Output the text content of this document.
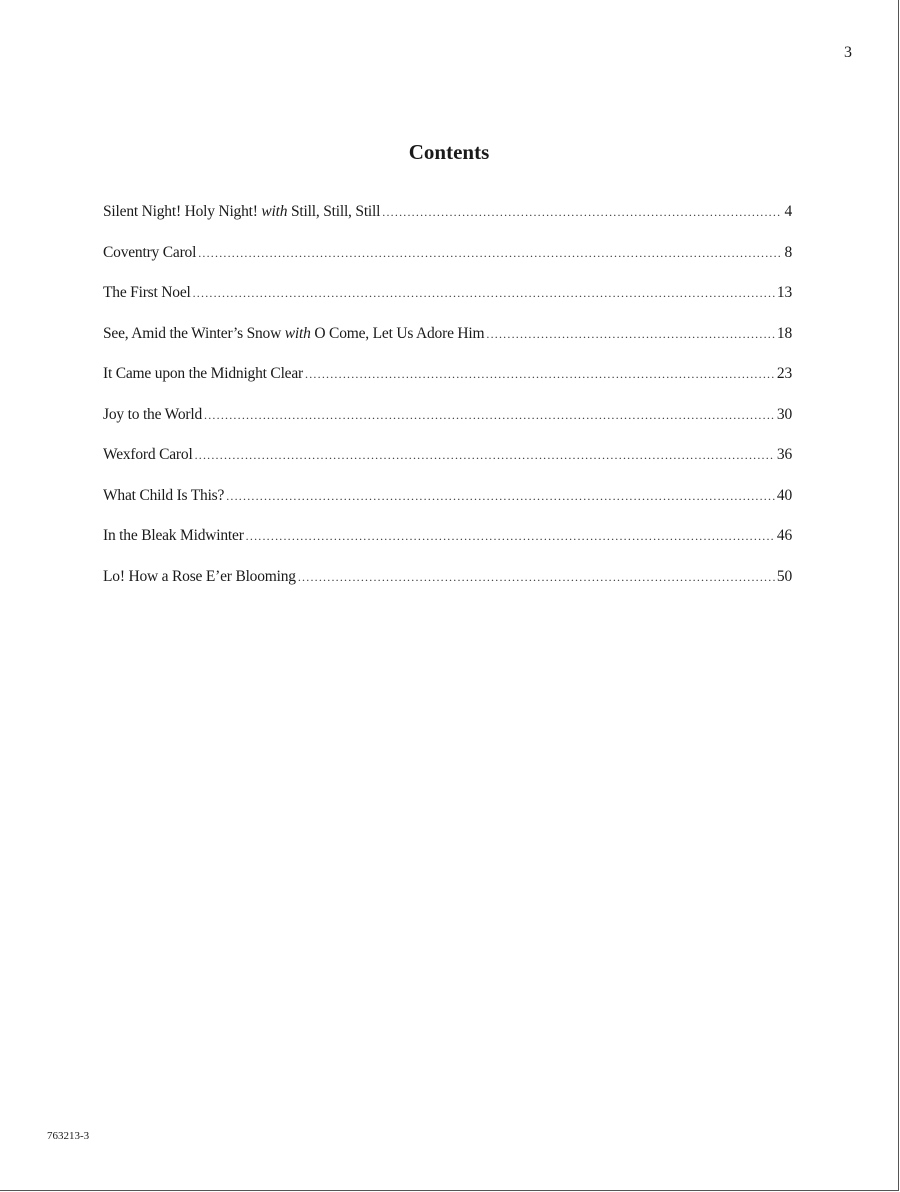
3
Contents
Silent Night! Holy Night! with Still, Still, Still .....	4
Coventry Carol .....	8
The First Noel .....	13
See, Amid the Winter’s Snow with O Come, Let Us Adore Him .....	18
It Came upon the Midnight Clear .....	23
Joy to the World .....	30
Wexford Carol .....	36
What Child Is This? .....	40
In the Bleak Midwinter .....	46
Lo! How a Rose E’er Blooming .....	50
763213-3
